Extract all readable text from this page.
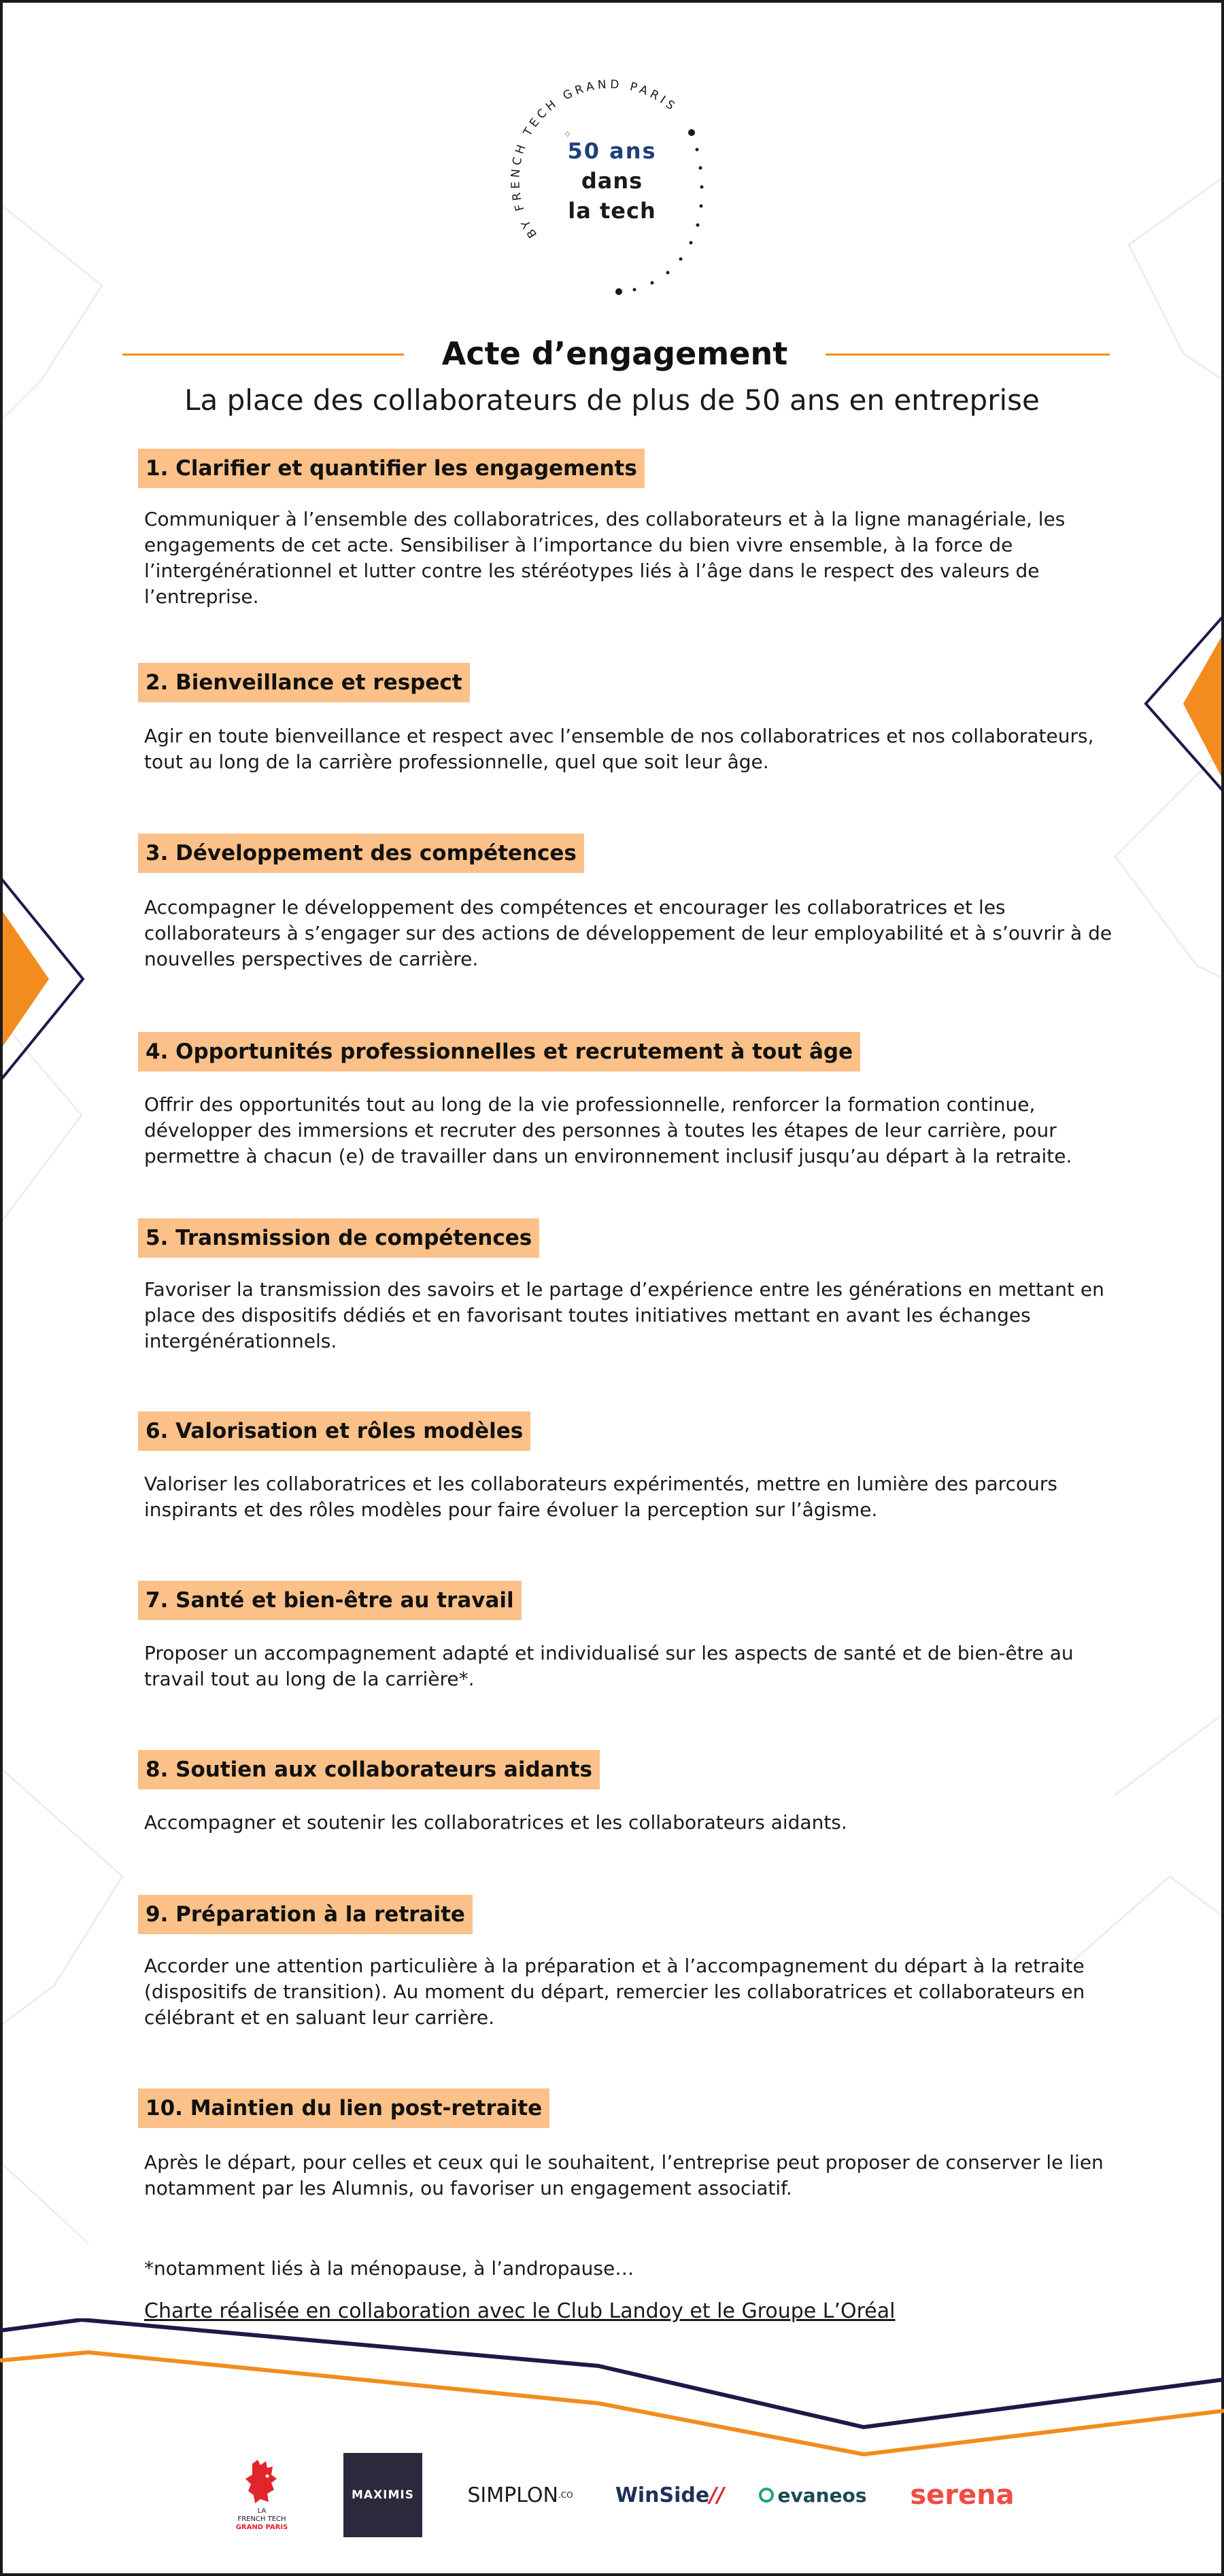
BY FRENCH TECH GRAND PARIS
✧
50 ans
dans
la tech
Acte d’engagement
La place des collaborateurs de plus de 50 ans en entreprise
1. Clarifier et quantifier les engagements
Communiquer à l’ensemble des collaboratrices, des collaborateurs et à la ligne managériale, les engagements de cet acte. Sensibiliser à l’importance du bien vivre ensemble, à la force de l’intergénérationnel et lutter contre les stéréotypes liés à l’âge dans le respect des valeurs de l’entreprise.
2. Bienveillance et respect
Agir en toute bienveillance et respect avec l’ensemble de nos collaboratrices et nos collaborateurs, tout au long de la carrière professionnelle, quel que soit leur âge.
3. Développement des compétences
Accompagner le développement des compétences et encourager les collaboratrices et les collaborateurs à s’engager sur des actions de développement de leur employabilité et à s’ouvrir à de nouvelles perspectives de carrière.
4. Opportunités professionnelles et recrutement à tout âge
Offrir des opportunités tout au long de la vie professionnelle, renforcer la formation continue, développer des immersions et recruter des personnes à toutes les étapes de leur carrière, pour permettre à chacun (e) de travailler dans un environnement inclusif jusqu’au départ à la retraite.
5. Transmission de compétences
Favoriser la transmission des savoirs et le partage d’expérience entre les générations en mettant en place des dispositifs dédiés et en favorisant toutes initiatives mettant en avant les échanges intergénérationnels.
6. Valorisation et rôles modèles
Valoriser les collaboratrices et les collaborateurs expérimentés, mettre en lumière des parcours inspirants et des rôles modèles pour faire évoluer la perception sur l’âgisme.
7. Santé et bien-être au travail
Proposer un accompagnement adapté et individualisé sur les aspects de santé et de bien-être au travail tout au long de la carrière*.
8. Soutien aux collaborateurs aidants
Accompagner et soutenir les collaboratrices et les collaborateurs aidants.
9. Préparation à la retraite
Accorder une attention particulière à la préparation et à l’accompagnement du départ à la retraite (dispositifs de transition). Au moment du départ, remercier les collaboratrices et collaborateurs en célébrant et en saluant leur carrière.
10. Maintien du lien post-retraite
Après le départ, pour celles et ceux qui le souhaitent, l’entreprise peut proposer de conserver le lien notamment par les Alumnis, ou favoriser un engagement associatif.
*notamment liés à la ménopause, à l’andropause…
Charte réalisée en collaboration avec le Club Landoy et le Groupe L’Oréal
LA
FRENCH TECH
GRAND PARIS
MAXIMIS	SIMPLON .CO WinSide //	evaneos	serena
